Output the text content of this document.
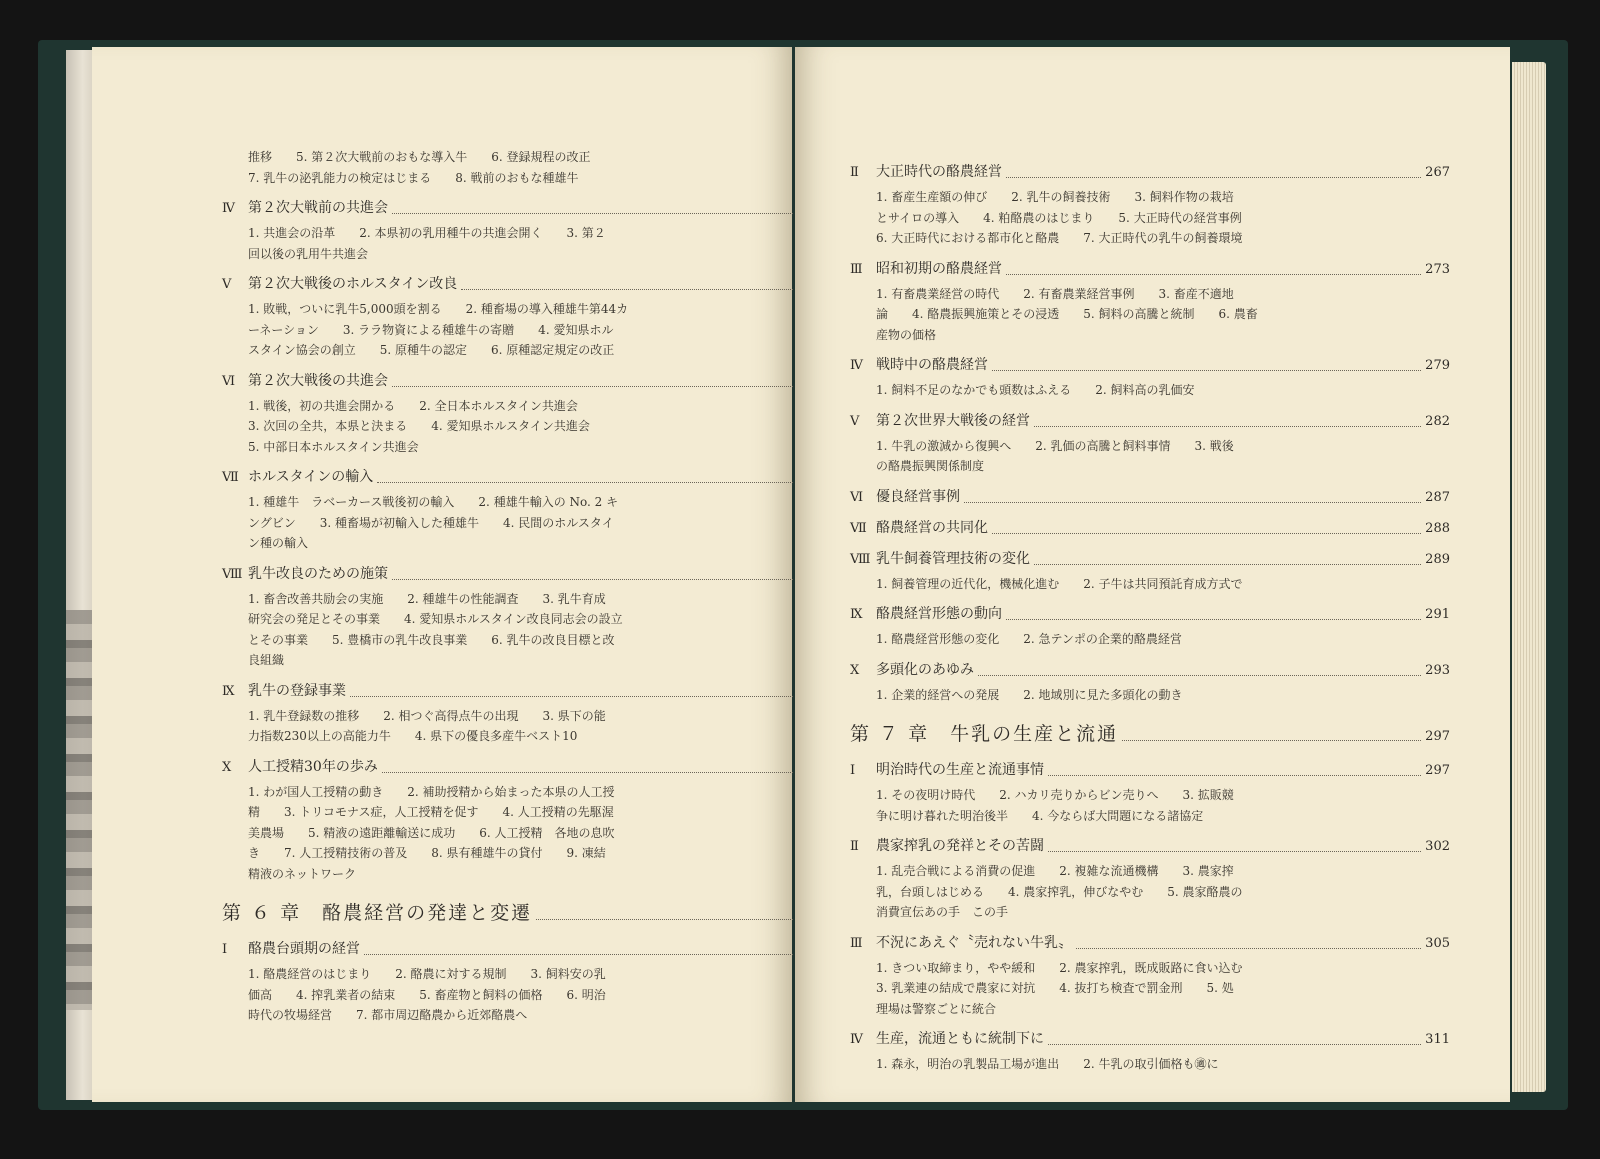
推移　　5. 第２次大戦前のおもな導入牛　　6. 登録規程の改正
7. 乳牛の泌乳能力の検定はじまる　　8. 戦前のおもな種雄牛
Ⅳ 第２次大戦前の共進会
1. 共進会の沿革　　2. 本県初の乳用種牛の共進会開く　　3. 第２
回以後の乳用牛共進会
Ⅴ	第２次大戦後のホルスタイン改良
1. 敗戦，ついに乳牛5,000頭を割る　　2. 種畜場の導入種雄牛第44カ
ーネーション　　3. ララ物資による種雄牛の寄贈　　4. 愛知県ホル
スタイン協会の創立　　5. 原種牛の認定　　6. 原種認定規定の改正
Ⅵ 第２次大戦後の共進会
1. 戦後，初の共進会開かる　　2. 全日本ホルスタイン共進会
3. 次回の全共，本県と決まる　　4. 愛知県ホルスタイン共進会
5. 中部日本ホルスタイン共進会
Ⅶ ホルスタインの輸入
1. 種雄牛　ラベーカース戦後初の輸入　　2. 種雄牛輸入の No. 2 キ
ングビン　　3. 種畜場が初輸入した種雄牛　　4. 民間のホルスタイ
ン種の輸入
Ⅷ 乳牛改良のための施策
1. 畜舎改善共励会の実施　　2. 種雄牛の性能調査　　3. 乳牛育成
研究会の発足とその事業　　4. 愛知県ホルスタイン改良同志会の設立
とその事業　　5. 豊橋市の乳牛改良事業　　6. 乳牛の改良目標と改
良組織
Ⅸ 乳牛の登録事業
1. 乳牛登録数の推移　　2. 相つぐ高得点牛の出現　　3. 県下の能
力指数230以上の高能力牛　　4. 県下の優良多産牛ベスト10
Ⅹ	人工授精30年の歩み
1. わが国人工授精の動き　　2. 補助授精から始まった本県の人工授
精　　3. トリコモナス症，人工授精を促す　　4. 人工授精の先駆渥
美農場　　5. 精液の遠距離輸送に成功　　6. 人工授精　各地の息吹
き　　7. 人工授精技術の普及　　8. 県有種雄牛の貸付　　9. 凍結
精液のネットワーク
第 ６ 章　酪農経営の発達と変遷
Ⅰ	酪農台頭期の経営
1. 酪農経営のはじまり　　2. 酪農に対する規制　　3. 飼料安の乳
価高　　4. 搾乳業者の結束　　5. 畜産物と飼料の価格　　6. 明治
時代の牧場経営　　7. 都市周辺酪農から近郊酪農へ
Ⅱ	大正時代の酪農経営	267
1. 畜産生産額の伸び　　2. 乳牛の飼養技術　　3. 飼料作物の栽培
とサイロの導入　　4. 粕酪農のはじまり　　5. 大正時代の経営事例
6. 大正時代における都市化と酪農　　7. 大正時代の乳牛の飼養環境
Ⅲ 昭和初期の酪農経営	273
1. 有畜農業経営の時代　　2. 有畜農業経営事例　　3. 畜産不適地
論　　4. 酪農振興施策とその浸透　　5. 飼料の高騰と統制　　6. 農畜
産物の価格
Ⅳ 戦時中の酪農経営	279
1. 飼料不足のなかでも頭数はふえる　　2. 飼料高の乳価安
Ⅴ	第２次世界大戦後の経営	282
1. 牛乳の激減から復興へ　　2. 乳価の高騰と飼料事情　　3. 戦後
の酪農振興関係制度
Ⅵ 優良経営事例	287
Ⅶ 酪農経営の共同化	288
Ⅷ 乳牛飼養管理技術の変化	289
1. 飼養管理の近代化，機械化進む　　2. 子牛は共同預託育成方式で
Ⅸ 酪農経営形態の動向	291
1. 酪農経営形態の変化　　2. 急テンポの企業的酪農経営
Ⅹ	多頭化のあゆみ	293
1. 企業的経営への発展　　2. 地域別に見た多頭化の動き
第 ７ 章　牛乳の生産と流通	297
Ⅰ	明治時代の生産と流通事情	297
1. その夜明け時代　　2. ハカリ売りからビン売りへ　　3. 拡販競
争に明け暮れた明治後半　　4. 今ならば大問題になる諸協定
Ⅱ	農家搾乳の発祥とその苦闘	302
1. 乱売合戦による消費の促進　　2. 複雑な流通機構　　3. 農家搾
乳，台頭しはじめる　　4. 農家搾乳，伸びなやむ　　5. 農家酪農の
消費宣伝あの手　この手
Ⅲ 不況にあえぐ〝売れない牛乳〟	305
1. きつい取締まり，やや緩和　　2. 農家搾乳，既成販路に食い込む
3. 乳業連の結成で農家に対抗　　4. 抜打ち検査で罰金刑　　5. 処
理場は警察ごとに統合
Ⅳ 生産，流通ともに統制下に	311
1. 森永，明治の乳製品工場が進出　　2. 牛乳の取引価格も㊜に
